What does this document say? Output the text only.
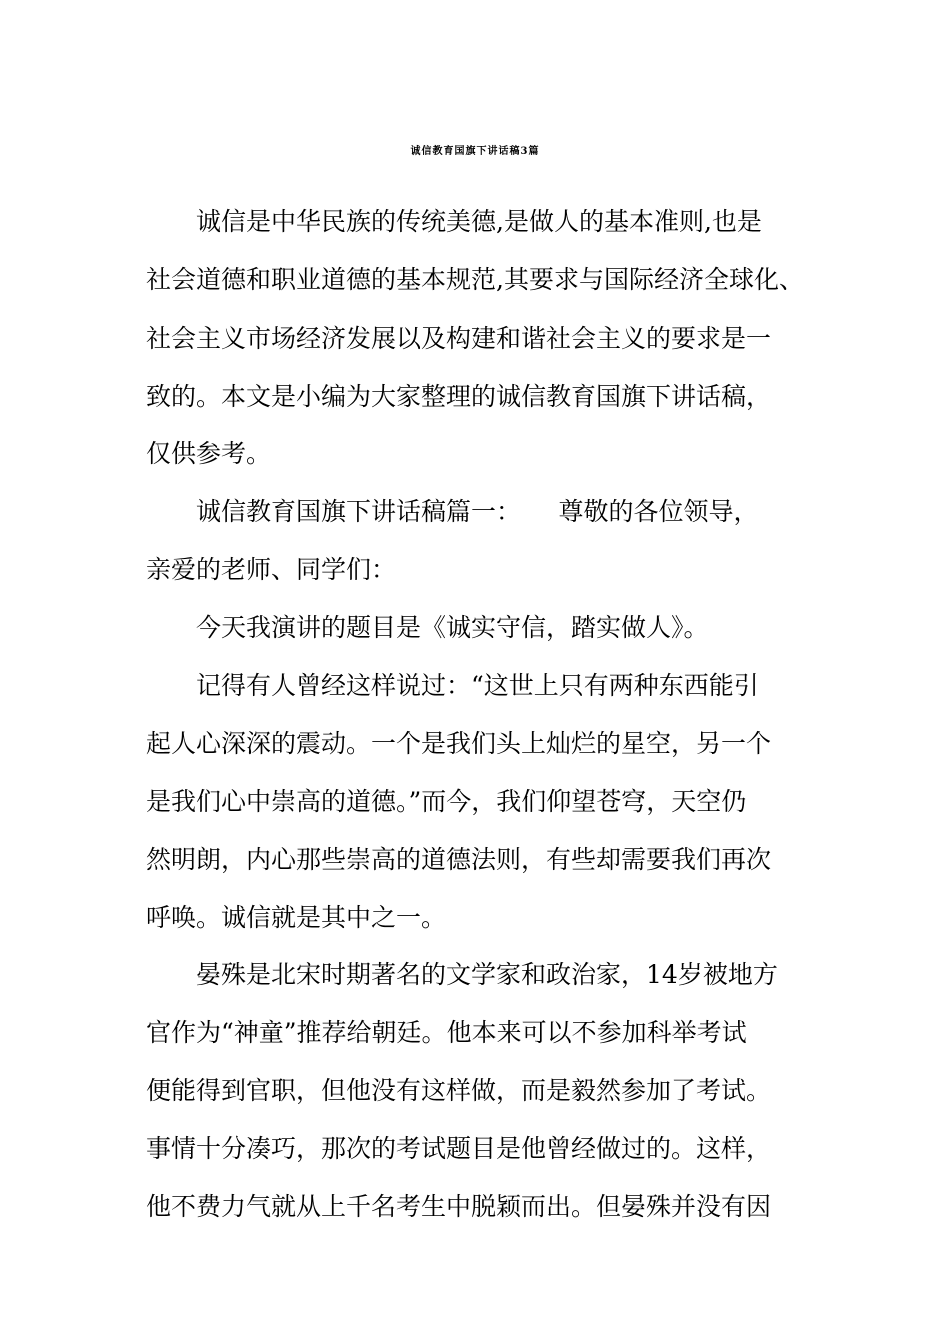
诚信教育国旗下讲话稿3篇
诚信是中华民族的传统美德,是做人的基本准则,也是
社会道德和职业道德的基本规范,其要求与国际经济全球化、
社会主义市场经济发展以及构建和谐社会主义的要求是一
致的。本文是小编为大家整理的诚信教育国旗下讲话稿，
仅供参考。
诚信教育国旗下讲话稿篇一：　　尊敬的各位领导，
亲爱的老师、同学们：
今天我演讲的题目是《诚实守信，踏实做人》。
记得有人曾经这样说过：“这世上只有两种东西能引
起人心深深的震动。一个是我们头上灿烂的星空，另一个
是我们心中崇高的道德。”而今，我们仰望苍穹，天空仍
然明朗，内心那些崇高的道德法则，有些却需要我们再次
呼唤。诚信就是其中之一。
晏殊是北宋时期著名的文学家和政治家，14岁被地方
官作为“神童”推荐给朝廷。他本来可以不参加科举考试
便能得到官职，但他没有这样做，而是毅然参加了考试。
事情十分凑巧，那次的考试题目是他曾经做过的。这样，
他不费力气就从上千名考生中脱颖而出。但晏殊并没有因
